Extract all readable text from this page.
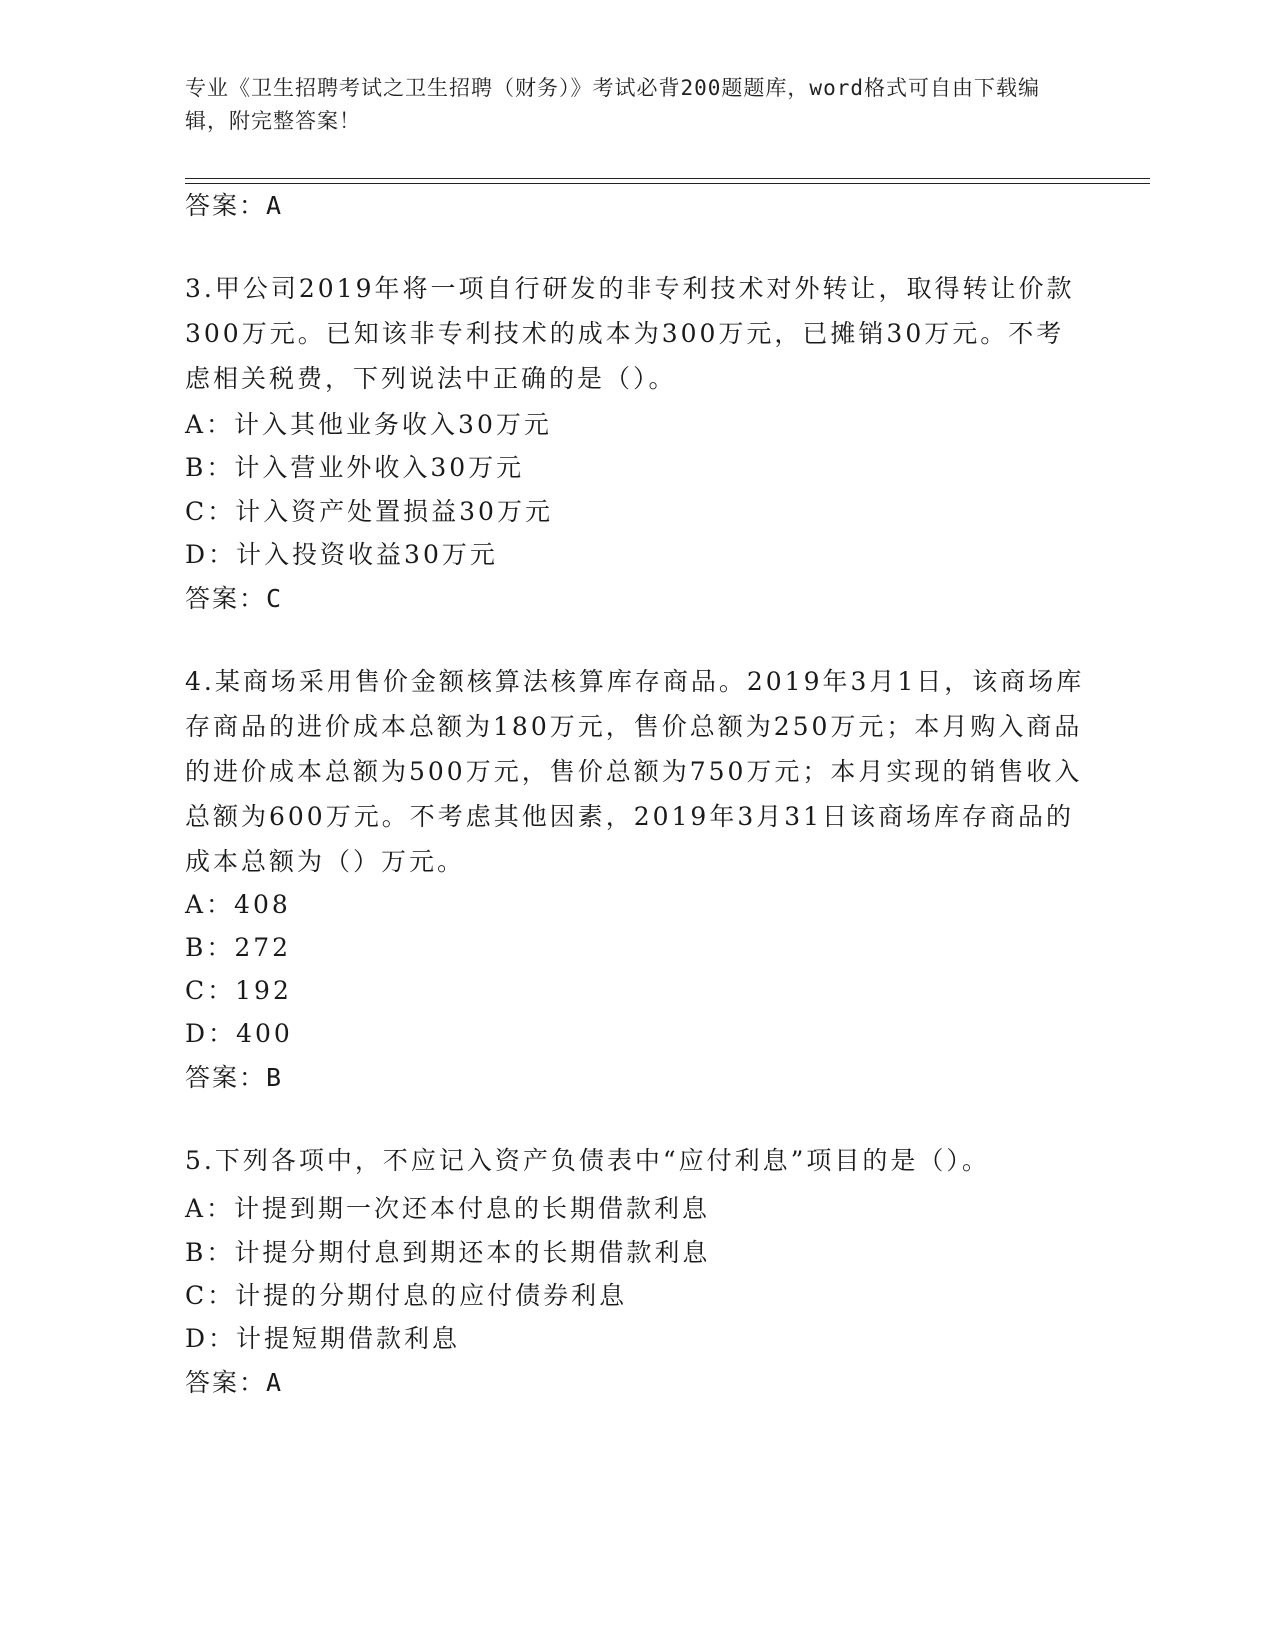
专业《卫生招聘考试之卫生招聘（财务）》考试必背200题题库，word格式可自由下载编辑，附完整答案！
答案：A
3.甲公司2019年将一项自行研发的非专利技术对外转让，取得转让价款300万元。已知该非专利技术的成本为300万元，已摊销30万元。不考虑相关税费，下列说法中正确的是（）。
A：计入其他业务收入30万元
B：计入营业外收入30万元
C：计入资产处置损益30万元
D：计入投资收益30万元
答案：C
4.某商场采用售价金额核算法核算库存商品。2019年3月1日，该商场库存商品的进价成本总额为180万元，售价总额为250万元；本月购入商品的进价成本总额为500万元，售价总额为750万元；本月实现的销售收入总额为600万元。不考虑其他因素，2019年3月31日该商场库存商品的成本总额为（）万元。
A：408
B：272
C：192
D：400
答案：B
5.下列各项中，不应记入资产负债表中“应付利息”项目的是（）。
A：计提到期一次还本付息的长期借款利息
B：计提分期付息到期还本的长期借款利息
C：计提的分期付息的应付债券利息
D：计提短期借款利息
答案：A
